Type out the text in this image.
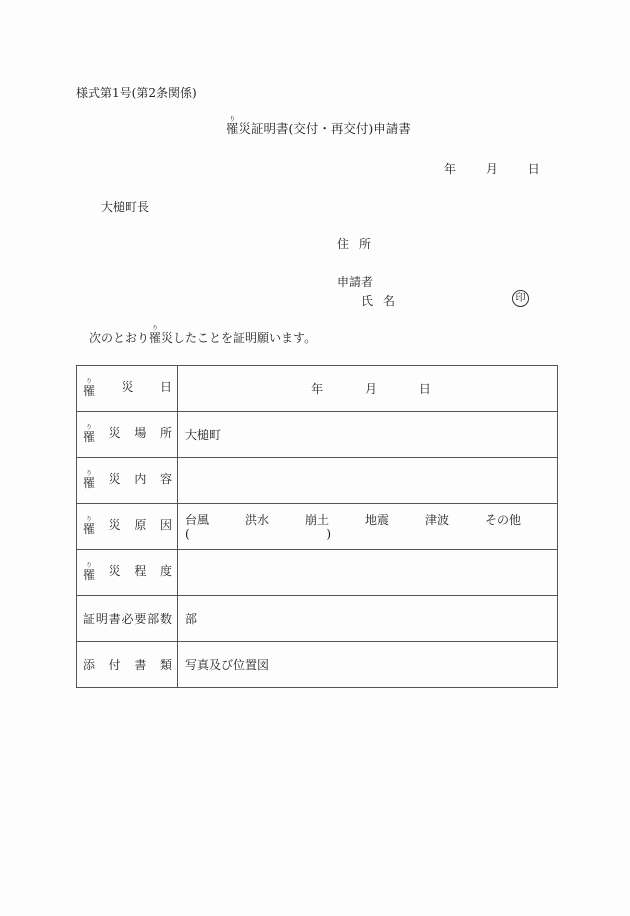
様式第1号(第2条関係)
罹り災証明書(交付・再交付)申請書
年 月 日
大槌町長
住所
申請者
氏名	印
次のとおり罹り災したことを証明願います。
罹り 災 日	年 月 日

罹り 災 場 所	大槌町

罹り 災 内 容	

罹り 災 原 因	台風	洪水	崩土	地震	津波	その他
(	)

罹り 災 程 度	

証 明 書 必 要 部 数	部

添 付 書 類	写真及び位置図
